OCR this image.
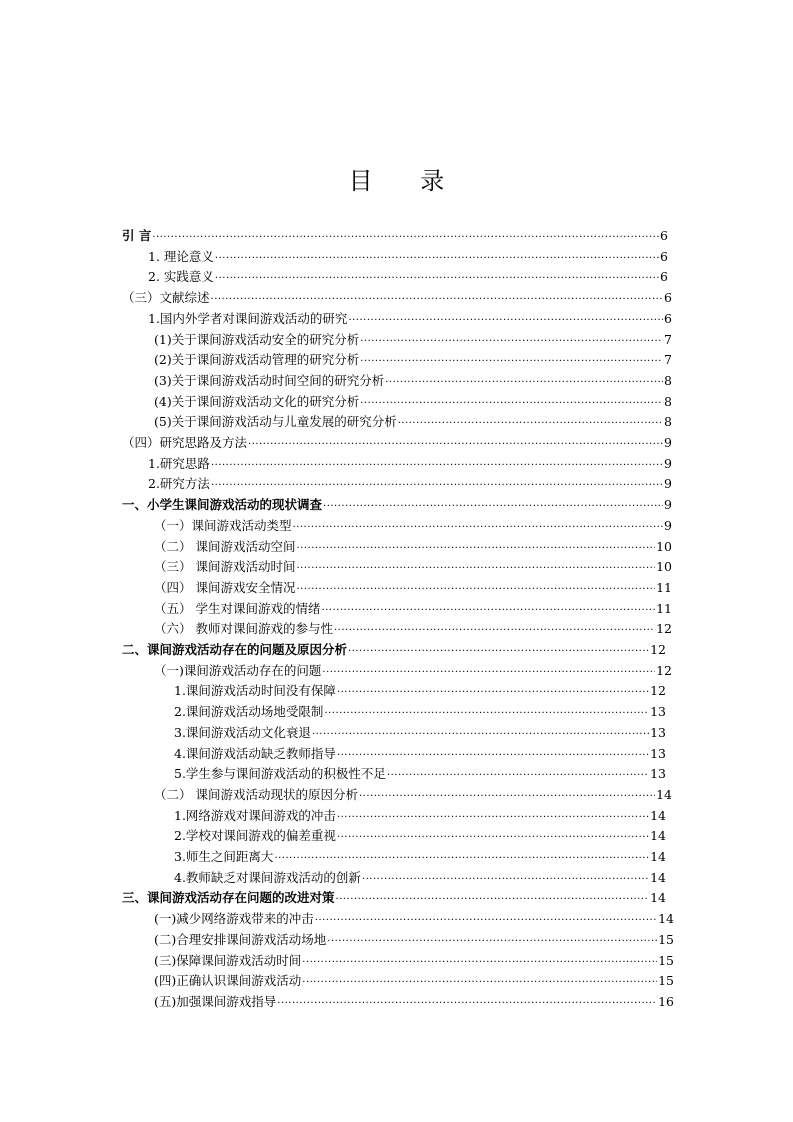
目 录
引 言 ·····	6
1. 理论意义 ·····	6
2. 实践意义 ·····	6
（三）文献综述 ·····	6
1.国内外学者对课间游戏活动的研究 ·····	6
(1)关于课间游戏活动安全的研究分析 ·····	7
(2)关于课间游戏活动管理的研究分析 ·····	7
(3)关于课间游戏活动时间空间的研究分析 ·····	8
(4)关于课间游戏活动文化的研究分析 ·····	8
(5)关于课间游戏活动与儿童发展的研究分析 ·····	8
（四）研究思路及方法 ·····	9
1.研究思路 ·····	9
2.研究方法 ·····	9
一、小学生课间游戏活动的现状调查 ·····	9
（一）课间游戏活动类型 ·····	9
（二） 课间游戏活动空间 ·····	10
（三） 课间游戏活动时间 ·····	10
（四） 课间游戏安全情况 ·····	11
（五） 学生对课间游戏的情绪 ·····	11
（六） 教师对课间游戏的参与性 ·····	12
二、课间游戏活动存在的问题及原因分析 ·····	12
（一)课间游戏活动存在的问题 ·····	12
1.课间游戏活动时间没有保障 ·····	12
2.课间游戏活动场地受限制 ·····	13
3.课间游戏活动文化衰退 ·····	13
4.课间游戏活动缺乏教师指导 ·····	13
5.学生参与课间游戏活动的积极性不足 ·····	13
（二） 课间游戏活动现状的原因分析 ·····	14
1.网络游戏对课间游戏的冲击 ·····	14
2.学校对课间游戏的偏差重视 ·····	14
3.师生之间距离大 ·····	14
4.教师缺乏对课间游戏活动的创新 ·····	14
三、课间游戏活动存在问题的改进对策 ·····	14
(一)减少网络游戏带来的冲击 ·····	14
(二)合理安排课间游戏活动场地 ·····	15
(三)保障课间游戏活动时间 ·····	15
(四)正确认识课间游戏活动 ·····	15
(五)加强课间游戏指导 ·····	16
